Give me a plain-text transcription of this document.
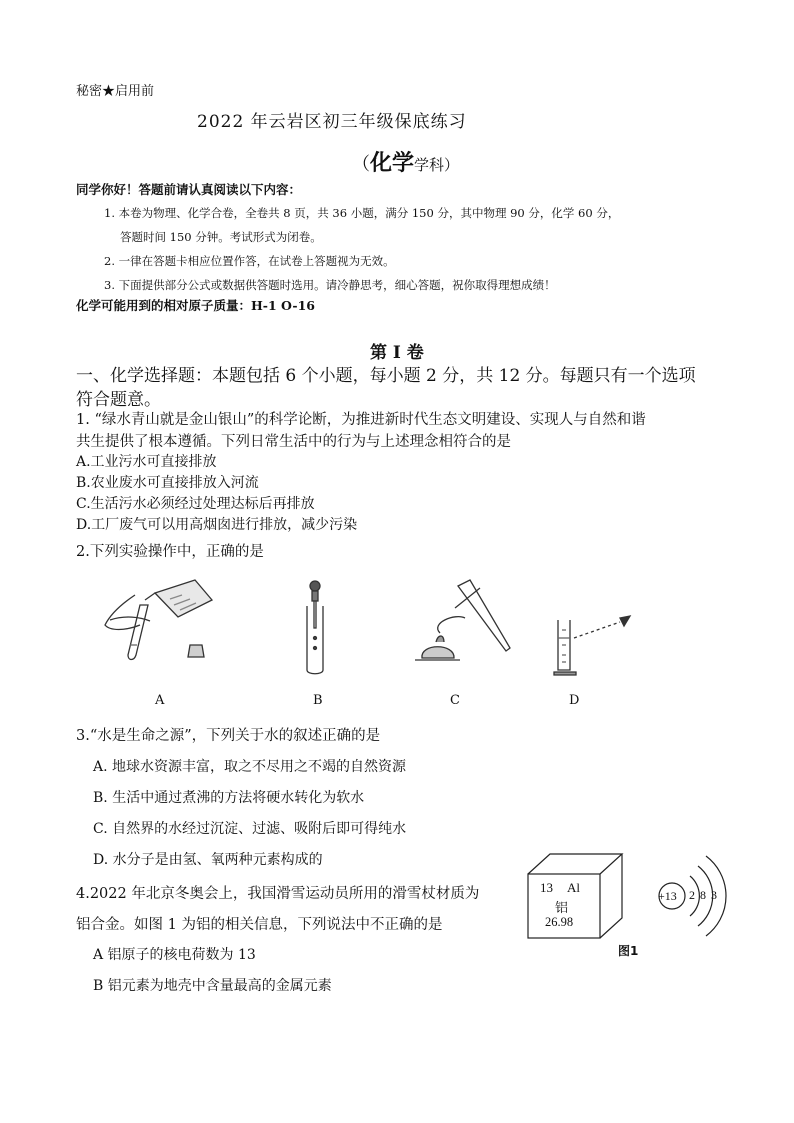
秘密★启用前
2022 年云岩区初三年级保底练习
（化学学科）
同学你好！答题前请认真阅读以下内容：
1. 本卷为物理、化学合卷，全卷共 8 页，共 36 小题，满分 150 分，其中物理 90 分，化学 60 分，
答题时间 150 分钟。考试形式为闭卷。
2. 一律在答题卡相应位置作答，在试卷上答题视为无效。
3. 下面提供部分公式或数据供答题时选用。请冷静思考，细心答题，祝你取得理想成绩！
化学可能用到的相对原子质量：H-1 O-16
第 Ⅰ 卷
一、化学选择题：本题包括 6 个小题，每小题 2 分，共 12 分。每题只有一个选项
符合题意。
1. “绿水青山就是金山银山”的科学论断，为推进新时代生态文明建设、实现人与自然和谐
共生提供了根本遵循。下列日常生活中的行为与上述理念相符合的是
A.工业污水可直接排放
B.农业废水可直接排放入河流
C.生活污水必须经过处理达标后再排放
D.工厂废气可以用高烟囱进行排放，减少污染
2.下列实验操作中，正确的是
A	B	C	D
3.“水是生命之源”，下列关于水的叙述正确的是
A. 地球水资源丰富，取之不尽用之不竭的自然资源
B. 生活中通过煮沸的方法将硬水转化为软水
C. 自然界的水经过沉淀、过滤、吸附后即可得纯水
D. 水分子是由氢、氧两种元素构成的
4.2022 年北京冬奥会上，我国滑雪运动员所用的滑雪杖材质为
铝合金。如图 1 为铝的相关信息，下列说法中不正确的是
A 铝原子的核电荷数为 13
B 铝元素为地壳中含量最高的金属元素
13 Al
铝
26.98
+13 2 8 3
图1
